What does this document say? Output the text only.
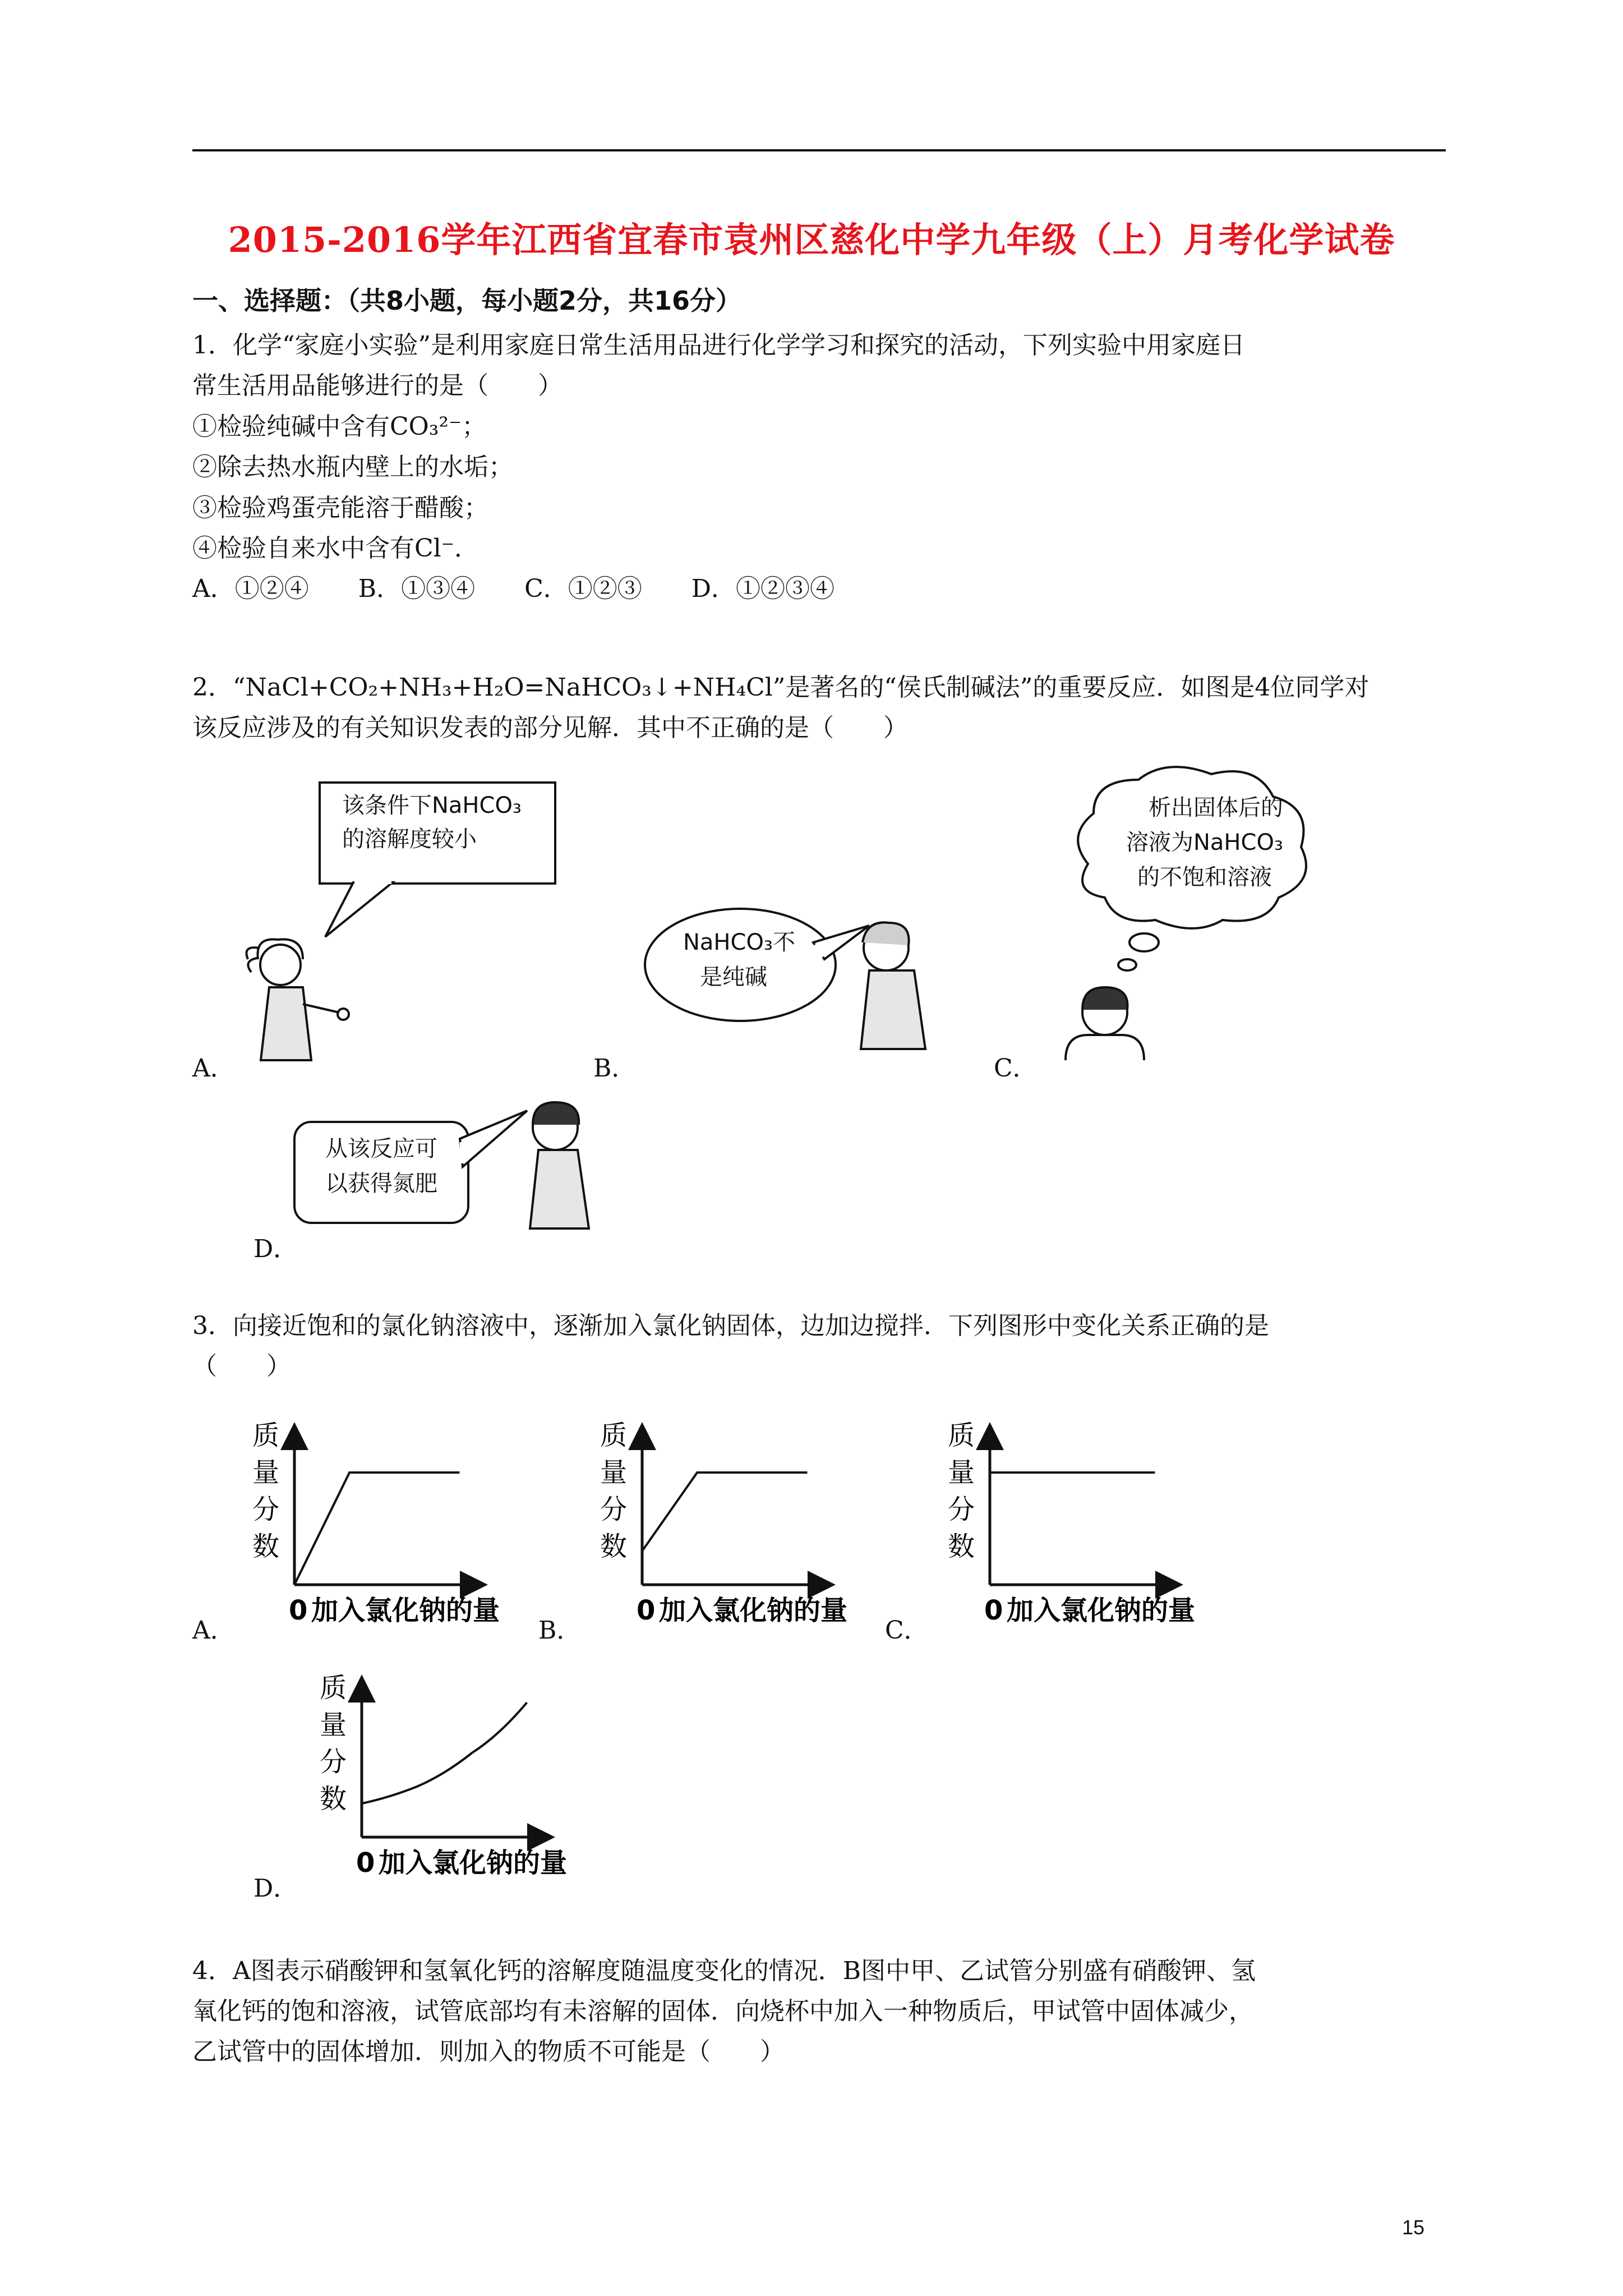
2015-2016学年江西省宜春市袁州区慈化中学九年级（上）月考化学试卷
一、选择题：（共8小题，每小题2分，共16分）
1．化学“家庭小实验”是利用家庭日常生活用品进行化学学习和探究的活动，下列实验中用家庭日
常生活用品能够进行的是（　　）
①检验纯碱中含有CO₃²⁻；
②除去热水瓶内壁上的水垢；
③检验鸡蛋壳能溶于醋酸；
④检验自来水中含有Cl⁻．
A．①②④　　B．①③④　　C．①②③　　D．①②③④
2．“NaCl+CO₂+NH₃+H₂O=NaHCO₃↓+NH₄Cl”是著名的“侯氏制碱法”的重要反应．如图是4位同学对
该反应涉及的有关知识发表的部分见解．其中不正确的是（　　）
该条件下NaHCO₃
的溶解度较小
A．
NaHCO₃不
是纯碱
B．
析出固体后的
溶液为NaHCO₃
的不饱和溶液
C．
从该反应可
以获得氮肥
D．
3．向接近饱和的氯化钠溶液中，逐渐加入氯化钠固体，边加边搅拌．下列图形中变化关系正确的是
（　　）
质
量
分
数
0 加入氯化钠的量
A．
质
量
分
数
0 加入氯化钠的量
B．
质
量
分
数
0 加入氯化钠的量
C．
质
量
分
数
0 加入氯化钠的量
D．
4．A图表示硝酸钾和氢氧化钙的溶解度随温度变化的情况．B图中甲、乙试管分别盛有硝酸钾、氢
氧化钙的饱和溶液，试管底部均有未溶解的固体．向烧杯中加入一种物质后，甲试管中固体减少，
乙试管中的固体增加．则加入的物质不可能是（　　）
15
